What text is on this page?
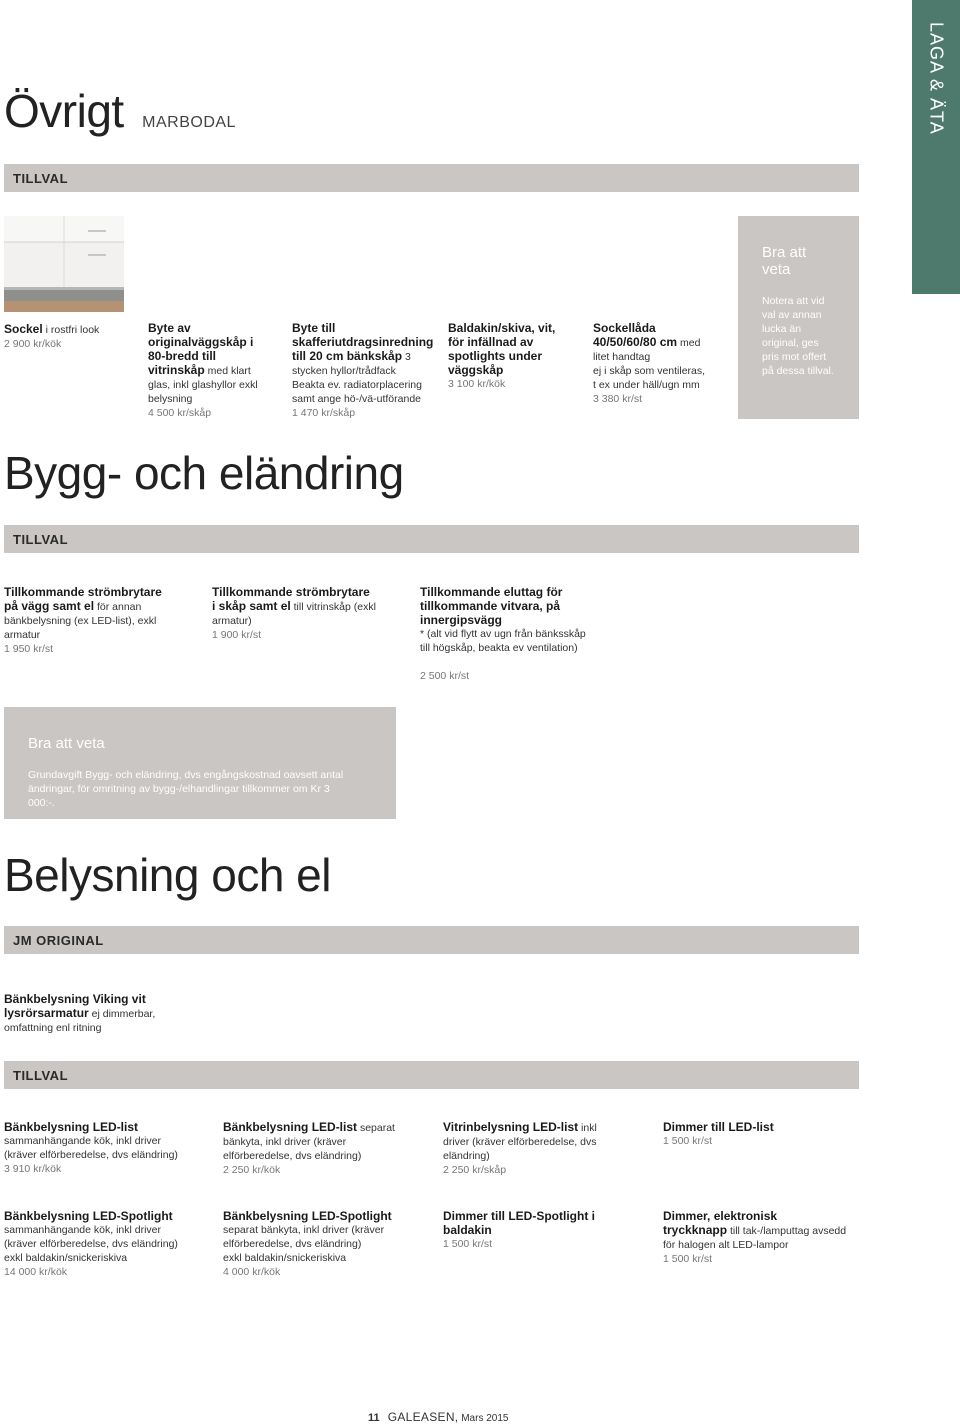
LAGA & ÄTA
Övrigt MARBODAL
TILLVAL
Sockel i rostfri look
2 900 kr/kök
Byte av
originalväggskåp i
80-bredd till
vitrinskåp med klart
glas, inkl glashyllor exkl
belysning
4 500 kr/skåp
Byte till
skafferiutdragsinredning
till 20 cm bänkskåp 3
stycken hyllor/trådfack
Beakta ev. radiatorplacering
samt ange hö-/vä-utförande
1 470 kr/skåp
Baldakin/skiva, vit,
för infällnad av
spotlights under
väggskåp
3 100 kr/kök
Sockellåda
40/50/60/80 cm med
litet handtag
ej i skåp som ventileras,
t ex under häll/ugn mm
3 380 kr/st
Bra att
veta
Notera att vid
val av annan
lucka än
original, ges
pris mot offert
på dessa tillval.
Bygg- och eländring
TILLVAL
Tillkommande strömbrytare
på vägg samt el för annan
bänkbelysning (ex LED-list), exkl
armatur
1 950 kr/st
Tillkommande strömbrytare
i skåp samt el till vitrinskåp (exkl
armatur)
1 900 kr/st
Tillkommande eluttag för
tillkommande vitvara, på
innergipsvägg
* (alt vid flytt av ugn från bänksskåp
till högskåp, beakta ev ventilation)
2 500 kr/st
Bra att veta
Grundavgift Bygg- och eländring, dvs engångskostnad oavsett antal
ändringar, för omritning av bygg-/elhandlingar tillkommer om Kr 3
000:-.
Belysning och el
JM ORIGINAL
Bänkbelysning Viking vit
lysrörsarmatur ej dimmerbar,
omfattning enl ritning
TILLVAL
Bänkbelysning LED-list
sammanhängande kök, inkl driver
(kräver elförberedelse, dvs eländring)
3 910 kr/kök
Bänkbelysning LED-list separat
bänkyta, inkl driver (kräver
elförberedelse, dvs eländring)
2 250 kr/kök
Vitrinbelysning LED-list inkl
driver (kräver elförberedelse, dvs
eländring)
2 250 kr/skåp
Dimmer till LED-list
1 500 kr/st
Bänkbelysning LED-Spotlight
sammanhängande kök, inkl driver
(kräver elförberedelse, dvs eländring)
exkl baldakin/snickeriskiva
14 000 kr/kök
Bänkbelysning LED-Spotlight
separat bänkyta, inkl driver (kräver
elförberedelse, dvs eländring)
exkl baldakin/snickeriskiva
4 000 kr/kök
Dimmer till LED-Spotlight i
baldakin
1 500 kr/st
Dimmer, elektronisk
tryckknapp till tak-/lamputtag avsedd
för halogen alt LED-lampor
1 500 kr/st
11 GALEASEN, Mars 2015
